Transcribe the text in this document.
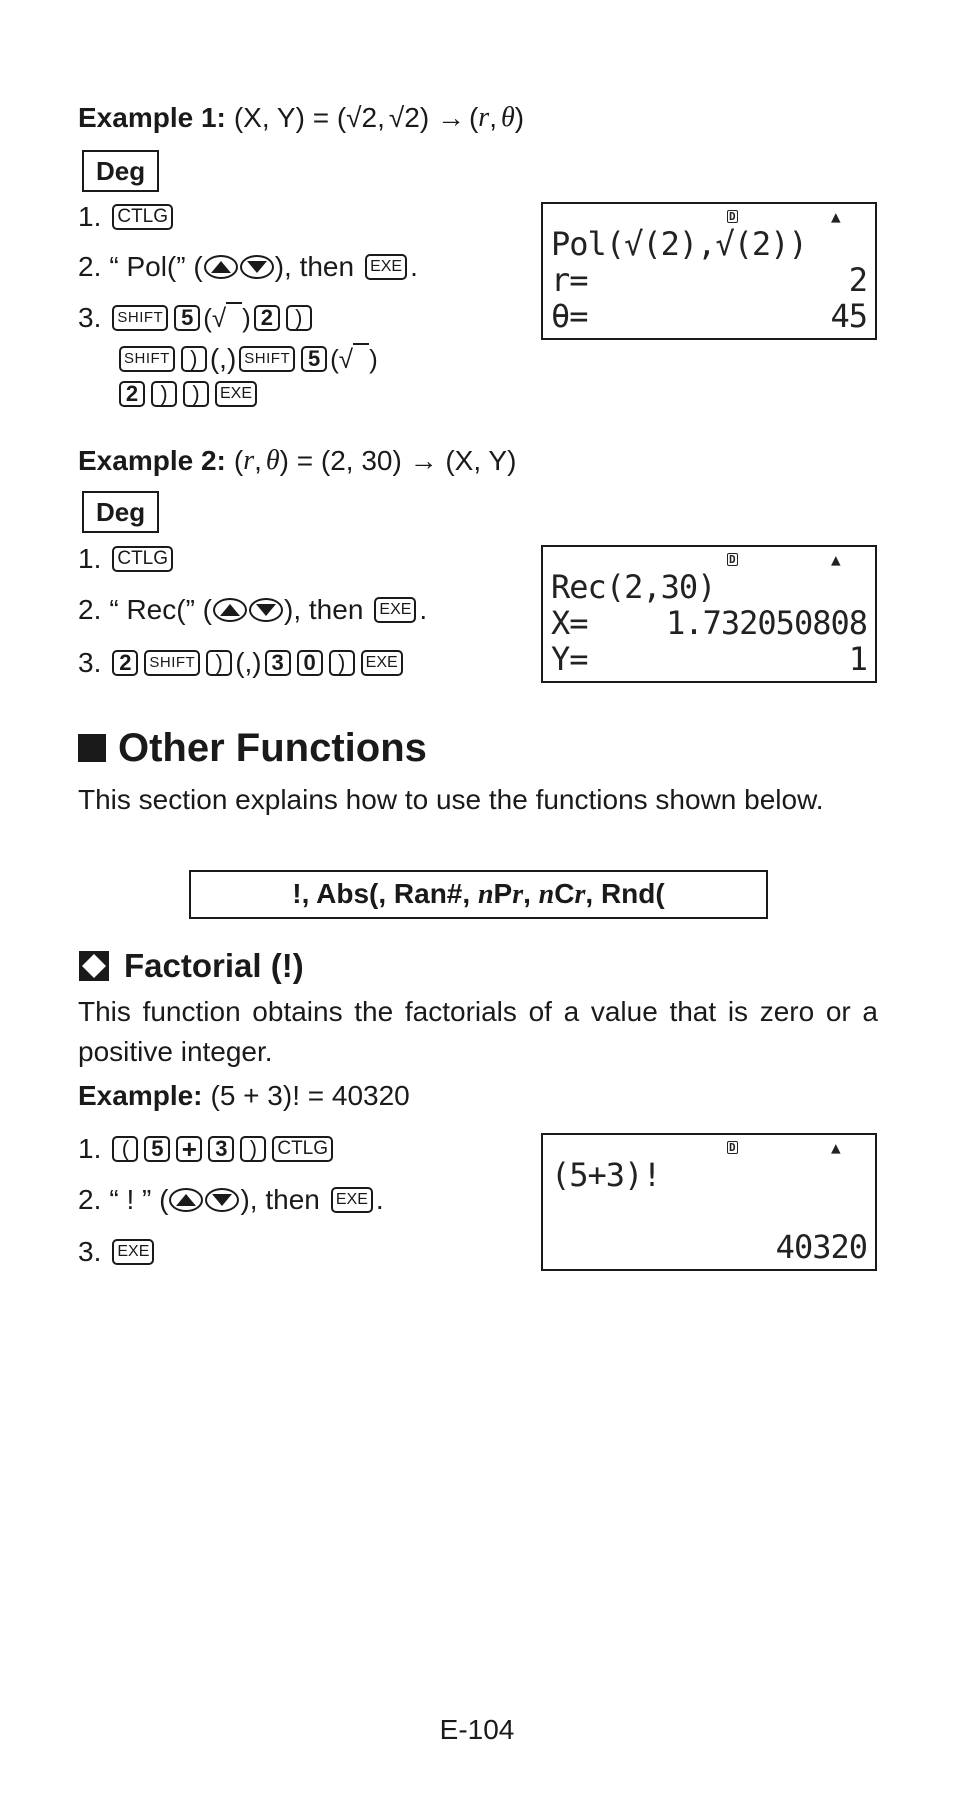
Example 1: (X, Y) = ( √2 , √2 ) → ( r , θ )
Deg
1. CTLG
2. “ Pol(” (	), then	EXE .
3.	SHIFT 5 (√ ) 2	)
SHIFT ) (,) SHIFT 5 (√ )
2	)	)	EXE
D	▲
Pol(√(2),√(2))
r=	2
θ=	45
Example 2: ( r , θ ) = (2, 30) → (X, Y)
Deg
1. CTLG
2. “ Rec(” (	), then	EXE .
3. 2	SHIFT ) (,) 3 0	)	EXE
D	▲
Rec(2,30)
X= 1.732050808
Y=	1
Other Functions
This section explains how to use the functions shown below.
!, Abs(, Ran#, nPr, nCr, Rnd(
Factorial (!)
This function obtains the factorials of a value that is zero or a positive integer.
Example: (5 + 3)! = 40320
1. (	5 + 3	)	CTLG
2. “ ! ” (	), then	EXE .
3.	EXE
D	▲
(5+3)!
40320
E-104
